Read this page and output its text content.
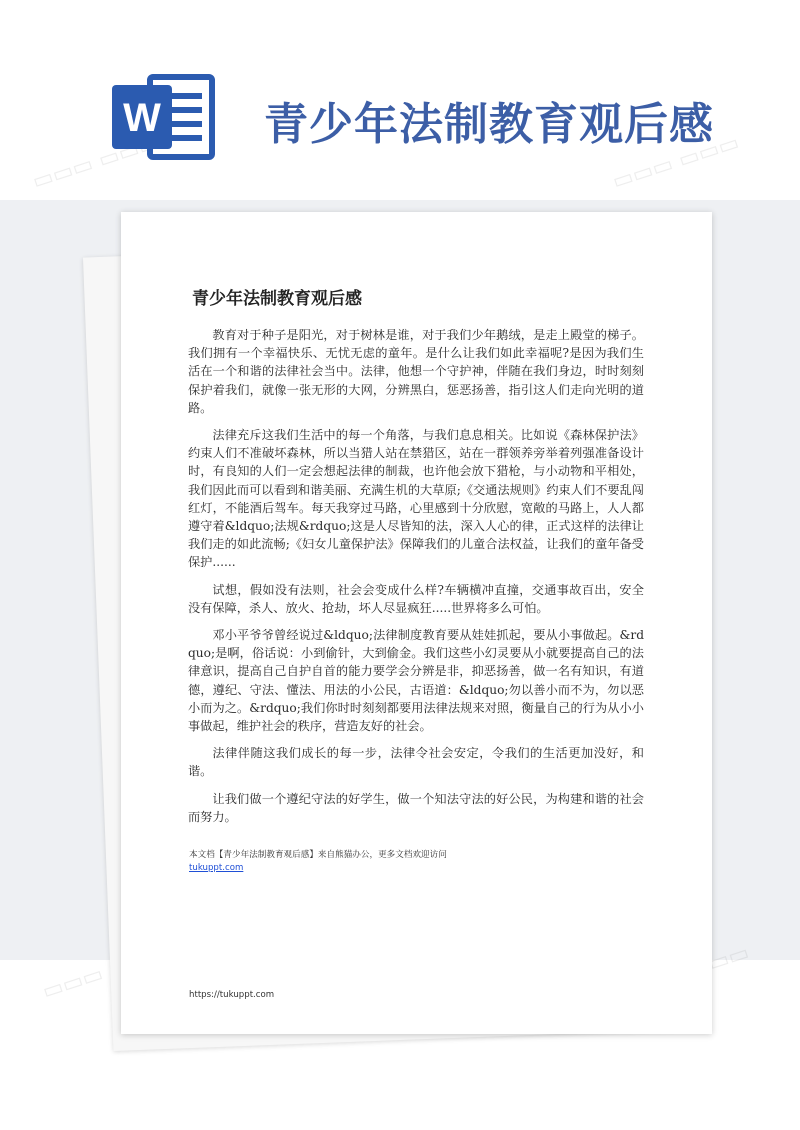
▭▭▭ ▭▭▭	▭▭▭ ▭▭▭
▭▭▭ ▭▭▭	▭▭▭
W 青少年法制教育观后感
青少年法制教育观后感

教育对于种子是阳光，对于树林是谁，对于我们少年鹅绒，是走上殿堂的梯子。我们拥有一个幸福快乐、无忧无虑的童年。是什么让我们如此幸福呢?是因为我们生活在一个和谐的法律社会当中。法律，他想一个守护神，伴随在我们身边，时时刻刻保护着我们，就像一张无形的大网，分辨黑白，惩恶扬善，指引这人们走向光明的道路。

法律充斥这我们生活中的每一个角落，与我们息息相关。比如说《森林保护法》约束人们不准破坏森林，所以当猎人站在禁猎区，站在一群领养旁举着列强准备设计时，有良知的人们一定会想起法律的制裁，也许他会放下猎枪，与小动物和平相处，我们因此而可以看到和谐美丽、充满生机的大草原;《交通法规则》约束人们不要乱闯红灯，不能酒后驾车。每天我穿过马路，心里感到十分欣慰，宽敞的马路上，人人都遵守着&ldquo;法规&rdquo;这是人尽皆知的法，深入人心的律，正式这样的法律让我们走的如此流畅;《妇女儿童保护法》保障我们的儿童合法权益，让我们的童年备受保护......

试想，假如没有法则，社会会变成什么样?车辆横冲直撞，交通事故百出，安全没有保障，杀人、放火、抢劫，坏人尽显疯狂.....世界将多么可怕。

邓小平爷爷曾经说过&ldquo;法律制度教育要从娃娃抓起，要从小事做起。&rdquo;是啊，俗话说：小到偷针，大到偷金。我们这些小幻灵要从小就要提高自己的法律意识，提高自己自护自首的能力要学会分辨是非，抑恶扬善，做一名有知识，有道德，遵纪、守法、懂法、用法的小公民，古语道：&ldquo;勿以善小而不为，勿以恶小而为之。&rdquo;我们你时时刻刻都要用法律法规来对照，衡量自己的行为从小小事做起，维护社会的秩序，营造友好的社会。

法律伴随这我们成长的每一步，法律令社会安定，令我们的生活更加没好，和谐。

让我们做一个遵纪守法的好学生，做一个知法守法的好公民，为构建和谐的社会而努力。

本文档【青少年法制教育观后感】来自熊猫办公，更多文档欢迎访问
tukuppt.com
https://tukuppt.com
